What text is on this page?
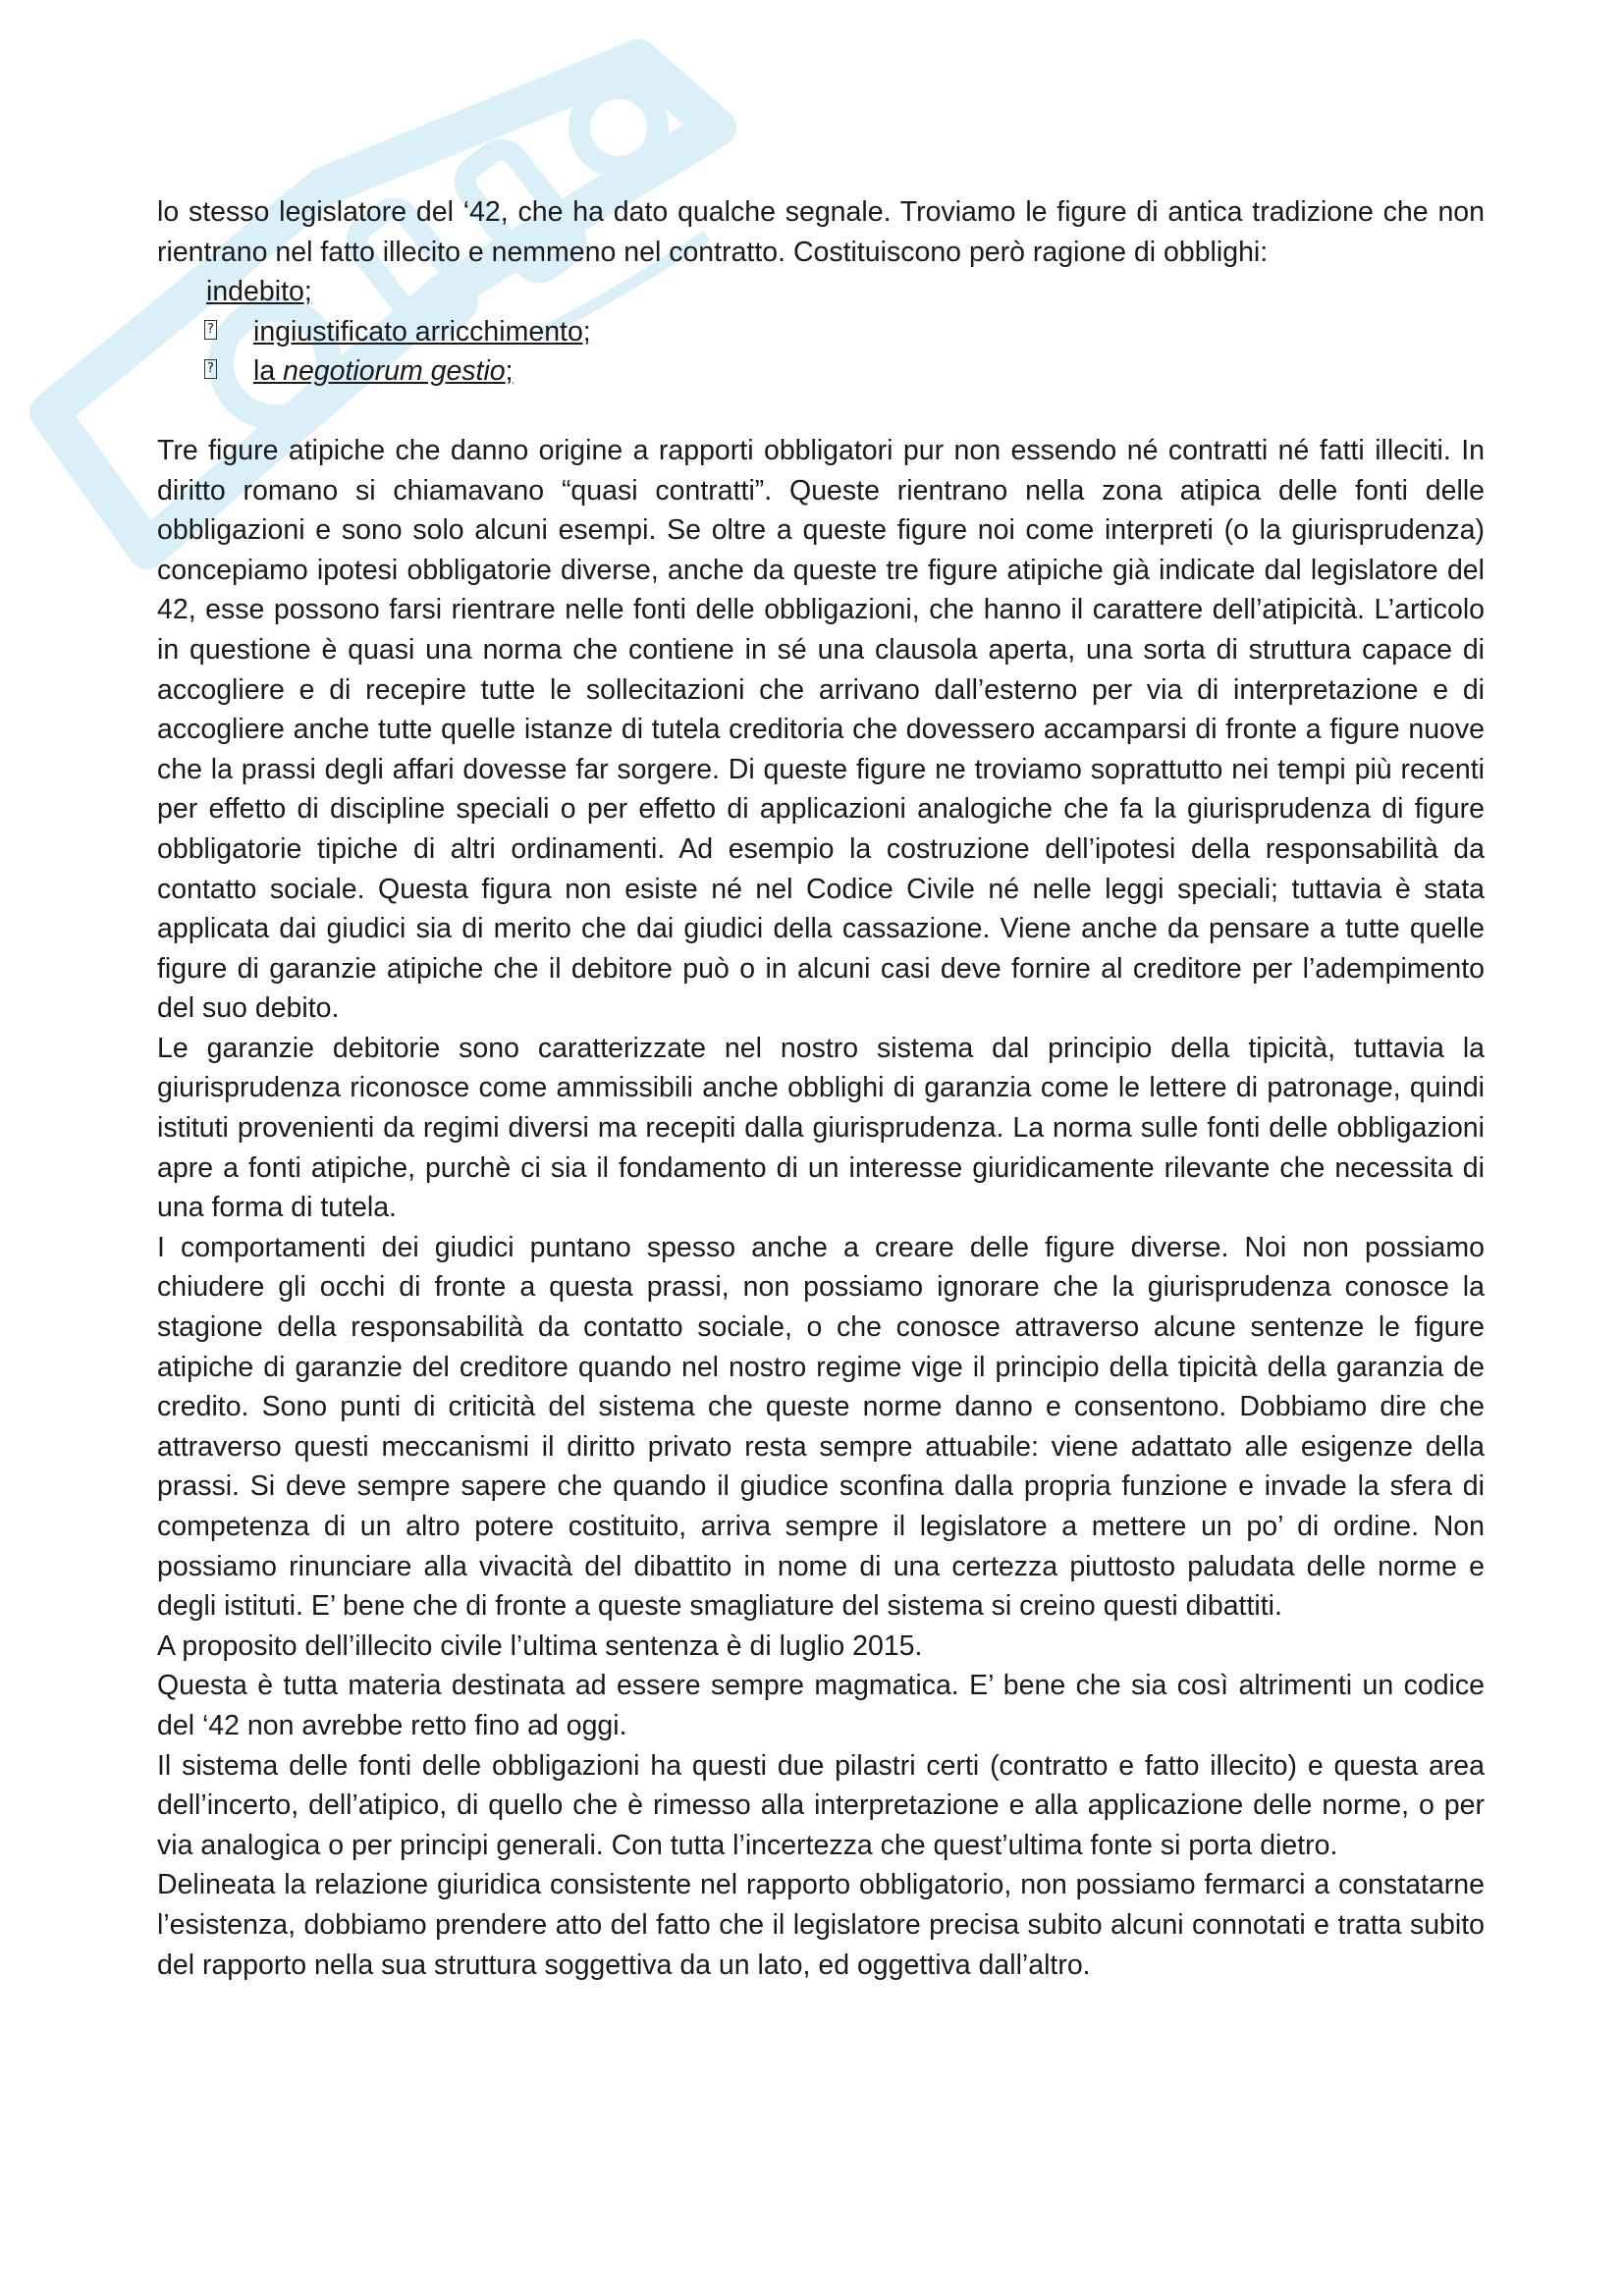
lo stesso legislatore del ‘42, che ha dato qualche segnale. Troviamo le figure di antica tradizione che non rientrano nel fatto illecito e nemmeno nel contratto. Costituiscono però ragione di obblighi:

indebito;
? ingiustificato arricchimento;
? la negotiorum gestio;

Tre figure atipiche che danno origine a rapporti obbligatori pur non essendo né contratti né fatti illeciti. In diritto romano si chiamavano “quasi contratti”. Queste rientrano nella zona atipica delle fonti delle obbligazioni e sono solo alcuni esempi. Se oltre a queste figure noi come interpreti (o la giurisprudenza) concepiamo ipotesi obbligatorie diverse, anche da queste tre figure atipiche già indicate dal legislatore del 42, esse possono farsi rientrare nelle fonti delle obbligazioni, che hanno il carattere dell’atipicità. L’articolo in questione è quasi una norma che contiene in sé una clausola aperta, una sorta di struttura capace di accogliere e di recepire tutte le sollecitazioni che arrivano dall’esterno per via di interpretazione e di accogliere anche tutte quelle istanze di tutela creditoria che dovessero accamparsi di fronte a figure nuove che la prassi degli affari dovesse far sorgere. Di queste figure ne troviamo soprattutto nei tempi più recenti per effetto di discipline speciali o per effetto di applicazioni analogiche che fa la giurisprudenza di figure obbligatorie tipiche di altri ordinamenti. Ad esempio la costruzione dell’ipotesi della responsabilità da contatto sociale. Questa figura non esiste né nel Codice Civile né nelle leggi speciali; tuttavia è stata applicata dai giudici sia di merito che dai giudici della cassazione. Viene anche da pensare a tutte quelle figure di garanzie atipiche che il debitore può o in alcuni casi deve fornire al creditore per l’adempimento del suo debito.

Le garanzie debitorie sono caratterizzate nel nostro sistema dal principio della tipicità, tuttavia la giurisprudenza riconosce come ammissibili anche obblighi di garanzia come le lettere di patronage, quindi istituti provenienti da regimi diversi ma recepiti dalla giurisprudenza. La norma sulle fonti delle obbligazioni apre a fonti atipiche, purchè ci sia il fondamento di un interesse giuridicamente rilevante che necessita di una forma di tutela.

I comportamenti dei giudici puntano spesso anche a creare delle figure diverse. Noi non possiamo chiudere gli occhi di fronte a questa prassi, non possiamo ignorare che la giurisprudenza conosce la stagione della responsabilità da contatto sociale, o che conosce attraverso alcune sentenze le figure atipiche di garanzie del creditore quando nel nostro regime vige il principio della tipicità della garanzia de credito. Sono punti di criticità del sistema che queste norme danno e consentono. Dobbiamo dire che attraverso questi meccanismi il diritto privato resta sempre attuabile: viene adattato alle esigenze della prassi. Si deve sempre sapere che quando il giudice sconfina dalla propria funzione e invade la sfera di competenza di un altro potere costituito, arriva sempre il legislatore a mettere un po’ di ordine. Non possiamo rinunciare alla vivacità del dibattito in nome di una certezza piuttosto paludata delle norme e degli istituti. E’ bene che di fronte a queste smagliature del sistema si creino questi dibattiti.

A proposito dell’illecito civile l’ultima sentenza è di luglio 2015.

Questa è tutta materia destinata ad essere sempre magmatica. E’ bene che sia così altrimenti un codice del ‘42 non avrebbe retto fino ad oggi.

Il sistema delle fonti delle obbligazioni ha questi due pilastri certi (contratto e fatto illecito) e questa area dell’incerto, dell’atipico, di quello che è rimesso alla interpretazione e alla applicazione delle norme, o per via analogica o per principi generali. Con tutta l’incertezza che quest’ultima fonte si porta dietro.

Delineata la relazione giuridica consistente nel rapporto obbligatorio, non possiamo fermarci a constatarne l’esistenza, dobbiamo prendere atto del fatto che il legislatore precisa subito alcuni connotati e tratta subito del rapporto nella sua struttura soggettiva da un lato, ed oggettiva dall’altro.
